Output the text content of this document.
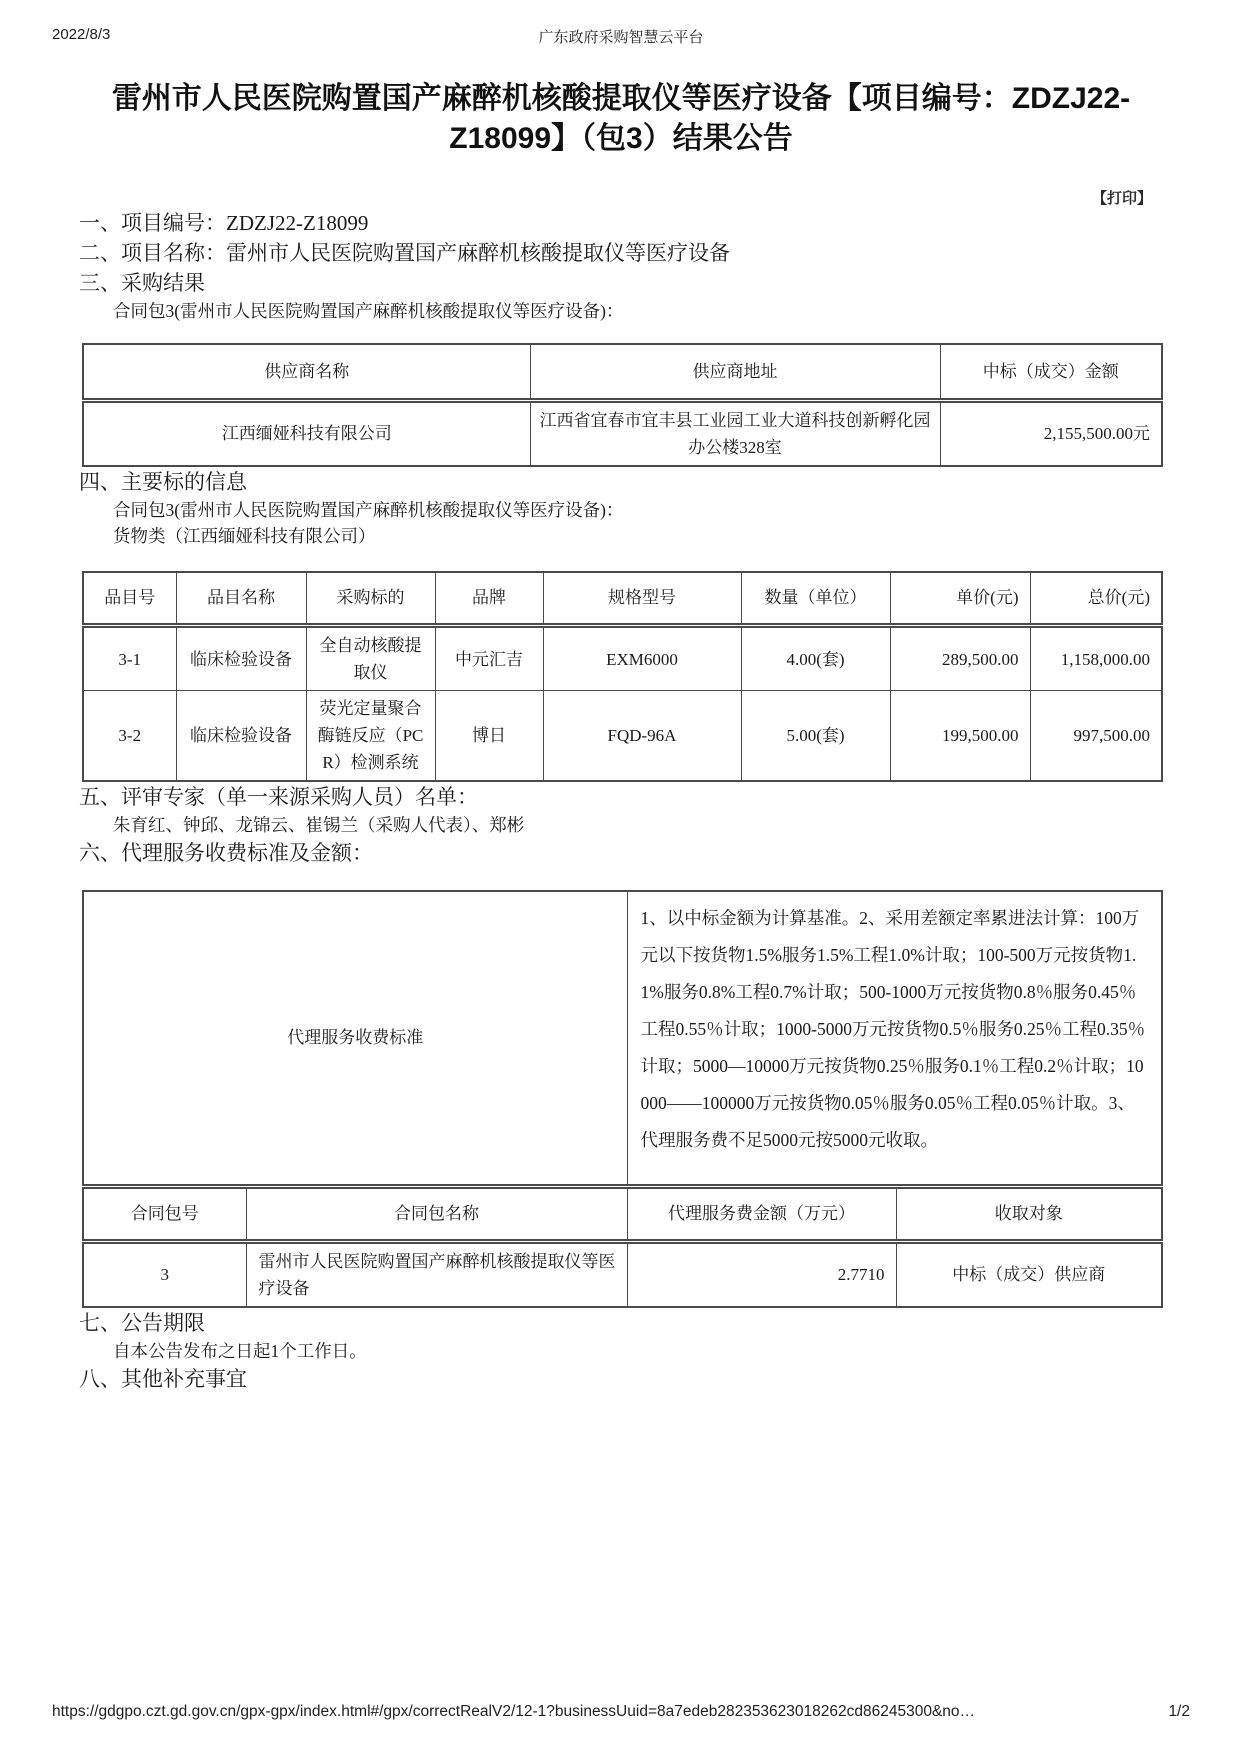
2022/8/3	广东政府采购智慧云平台
雷州市人民医院购置国产麻醉机核酸提取仪等医疗设备【项目编号：ZDZJ22-Z18099】（包3）结果公告
【打印】
一、项目编号：ZDZJ22-Z18099
二、项目名称：雷州市人民医院购置国产麻醉机核酸提取仪等医疗设备
三、采购结果

合同包3(雷州市人民医院购置国产麻醉机核酸提取仪等医疗设备)：

供应商名称	供应商地址	中标（成交）金额
江西缅娅科技有限公司	江西省宜春市宜丰县工业园工业大道科技创新孵化园办公楼328室	2,155,500.00元
四、主要标的信息

合同包3(雷州市人民医院购置国产麻醉机核酸提取仪等医疗设备)：

货物类（江西缅娅科技有限公司）

品目号	品目名称	采购标的	品牌	规格型号	数量（单位）	单价(元)	总价(元)
3-1	临床检验设备	全自动核酸提取仪	中元汇吉	EXM6000	4.00(套)	289,500.00	1,158,000.00
3-2	临床检验设备	荧光定量聚合酶链反应（PCR）检测系统	博日	FQD-96A	5.00(套)	199,500.00	997,500.00
五、评审专家（单一来源采购人员）名单：

朱育红、钟邱、龙锦云、崔锡兰（采购人代表）、郑彬

六、代理服务收费标准及金额：
代理服务收费标准		1、以中标金额为计算基准。2、采用差额定率累进法计算：100万元以下按货物1.5%服务1.5%工程1.0%计取；100-500万元按货物1.1%服务0.8%工程0.7%计取；500-1000万元按货物0.8％服务0.45％工程0.55％计取；1000-5000万元按货物0.5％服务0.25％工程0.35％计取；5000—10000万元按货物0.25％服务0.1％工程0.2％计取；10000——100000万元按货物0.05％服务0.05％工程0.05％计取。3、代理服务费不足5000元按5000元收取。	
合同包号	合同包名称	代理服务费金额（万元）	收取对象
3	雷州市人民医院购置国产麻醉机核酸提取仪等医疗设备	2.7710	中标（成交）供应商
七、公告期限

自本公告发布之日起1个工作日。

八、其他补充事宜
https://gdgpo.czt.gd.gov.cn/gpx-gpx/index.html#/gpx/correctRealV2/12-1?businessUuid=8a7edeb282353623018262cd86245300&no…	1/2
